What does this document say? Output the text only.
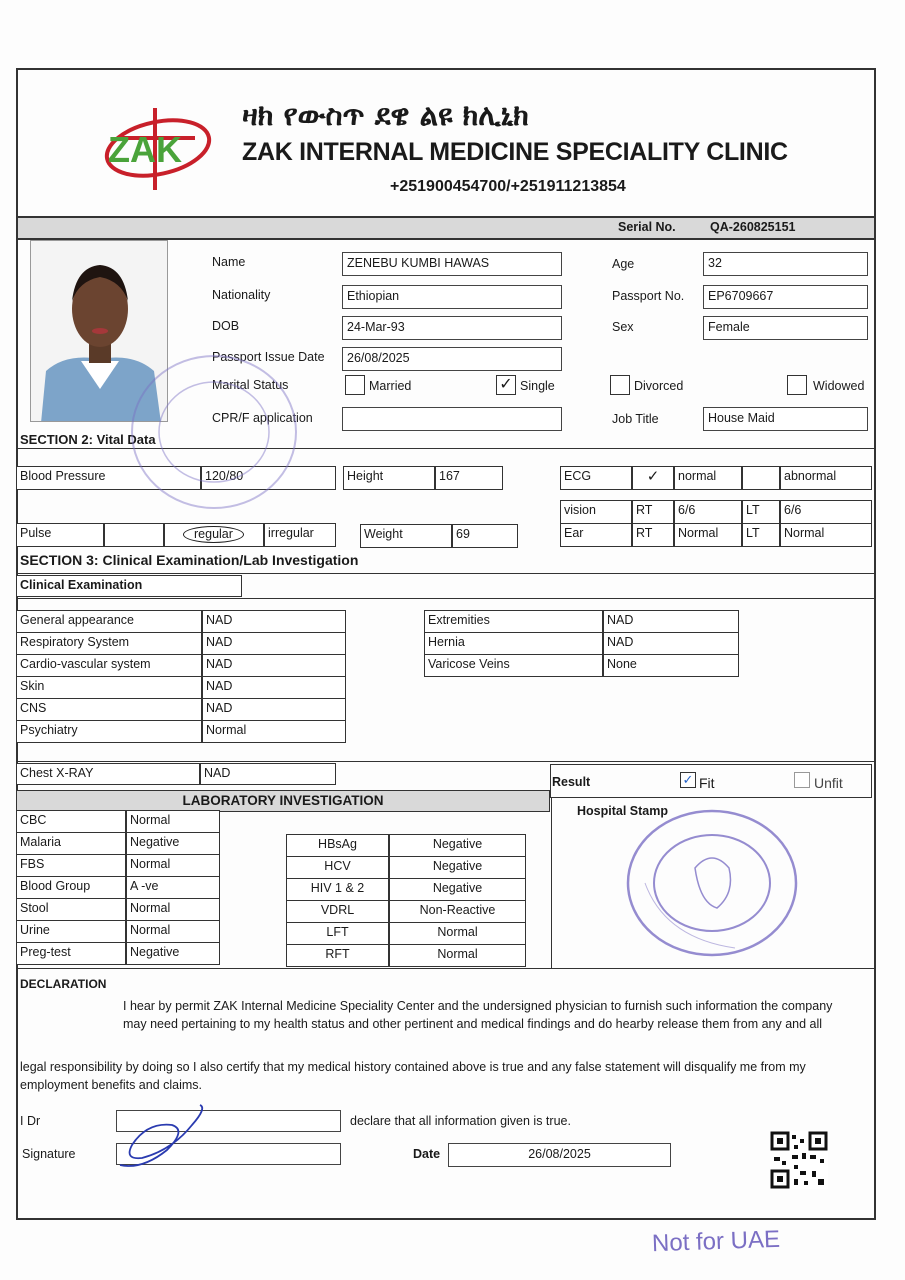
ZAK
ዛክ የውስጥ ደዌ ልዩ ክሊኒክ
ZAK INTERNAL MEDICINE SPECIALITY CLINIC
+251900454700/+251911213854
Serial No.	QA-260825151
Name	ZENEBU KUMBI HAWAS	Age	32
Nationality	Ethiopian	Passport No.	EP6709667
DOB	24-Mar-93	Sex	Female
Passport Issue Date	26/08/2025
Marital Status	Married	✓ Single	Divorced	Widowed
CPR/F application	Job Title	House Maid
SECTION 2: Vital Data
Blood Pressure	120/80	Height	167	ECG	✓	normal	abnormal
vision	RT	6/6	LT	6/6
Pulse	regular	irregular	Weight	69	Ear	RT	Normal	LT	Normal
SECTION 3: Clinical Examination/Lab Investigation
Clinical Examination
General appearance	NAD
Respiratory System	NAD
Cardio-vascular system	NAD
Skin	NAD
CNS	NAD
Psychiatry	Normal
Extremities	NAD
Hernia	NAD
Varicose Veins	None
Chest X-RAY	NAD
Result	✓ Fit	Unfit
LABORATORY INVESTIGATION
Hospital Stamp
CBC	Normal
Malaria	Negative
FBS	Normal
Blood Group	A -ve
Stool	Normal
Urine	Normal
Preg-test	Negative
HBsAg	Negative
HCV	Negative
HIV 1 & 2	Negative
VDRL	Non-Reactive
LFT	Normal
RFT	Normal
DECLARATION
I hear by permit ZAK Internal Medicine Speciality Center and the undersigned physician to furnish such information the company may need pertaining to my health status and other pertinent and medical findings and do hearby release them from any and all
legal responsibility by doing so I also certify that my medical history contained above is true and any false statement will disqualify me from my employment benefits and claims.
I Dr	declare that all information given is true.
Signature	Date	26/08/2025
Not for UAE
